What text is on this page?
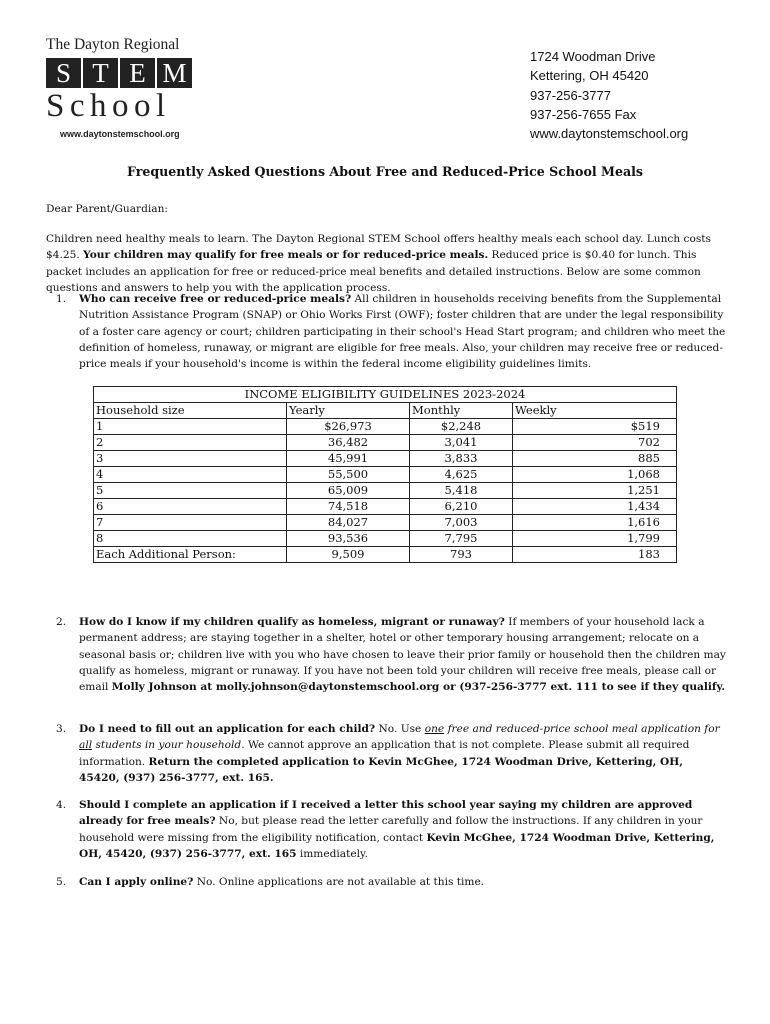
The Dayton Regional
S T E M
School
www.daytonstemschool.org
1724 Woodman Drive
Kettering, OH 45420
937-256-3777
937-256-7655 Fax
www.daytonstemschool.org
Frequently Asked Questions About Free and Reduced-Price School Meals
Dear Parent/Guardian:
Children need healthy meals to learn. The Dayton Regional STEM School offers healthy meals each school day. Lunch costs $4.25. Your children may qualify for free meals or for reduced-price meals. Reduced price is $0.40 for lunch. This packet includes an application for free or reduced-price meal benefits and detailed instructions. Below are some common questions and answers to help you with the application process.
1. Who can receive free or reduced-price meals? All children in households receiving benefits from the Supplemental Nutrition Assistance Program (SNAP) or Ohio Works First (OWF); foster children that are under the legal responsibility of a foster care agency or court; children participating in their school's Head Start program; and children who meet the definition of homeless, runaway, or migrant are eligible for free meals. Also, your children may receive free or reduced-price meals if your household's income is within the federal income eligibility guidelines limits.
INCOME ELIGIBILITY GUIDELINES 2023-2024			
Household size	Yearly	Monthly	Weekly
1	$26,973	$2,248	$519
2	36,482	3,041	702
3	45,991	3,833	885
4	55,500	4,625	1,068
5	65,009	5,418	1,251
6	74,518	6,210	1,434
7	84,027	7,003	1,616
8	93,536	7,795	1,799
Each Additional Person:	9,509	793	183
2. How do I know if my children qualify as homeless, migrant or runaway? If members of your household lack a permanent address; are staying together in a shelter, hotel or other temporary housing arrangement; relocate on a seasonal basis or; children live with you who have chosen to leave their prior family or household then the children may qualify as homeless, migrant or runaway. If you have not been told your children will receive free meals, please call or email Molly Johnson at molly.johnson@daytonstemschool.org or (937-256-3777 ext. 111 to see if they qualify.
3. Do I need to fill out an application for each child? No. Use one free and reduced-price school meal application for all students in your household. We cannot approve an application that is not complete. Please submit all required information. Return the completed application to Kevin McGhee, 1724 Woodman Drive, Kettering, OH, 45420, (937) 256-3777, ext. 165.
4. Should I complete an application if I received a letter this school year saying my children are approved already for free meals? No, but please read the letter carefully and follow the instructions. If any children in your household were missing from the eligibility notification, contact Kevin McGhee, 1724 Woodman Drive, Kettering, OH, 45420, (937) 256-3777, ext. 165 immediately.
5. Can I apply online? No. Online applications are not available at this time.
